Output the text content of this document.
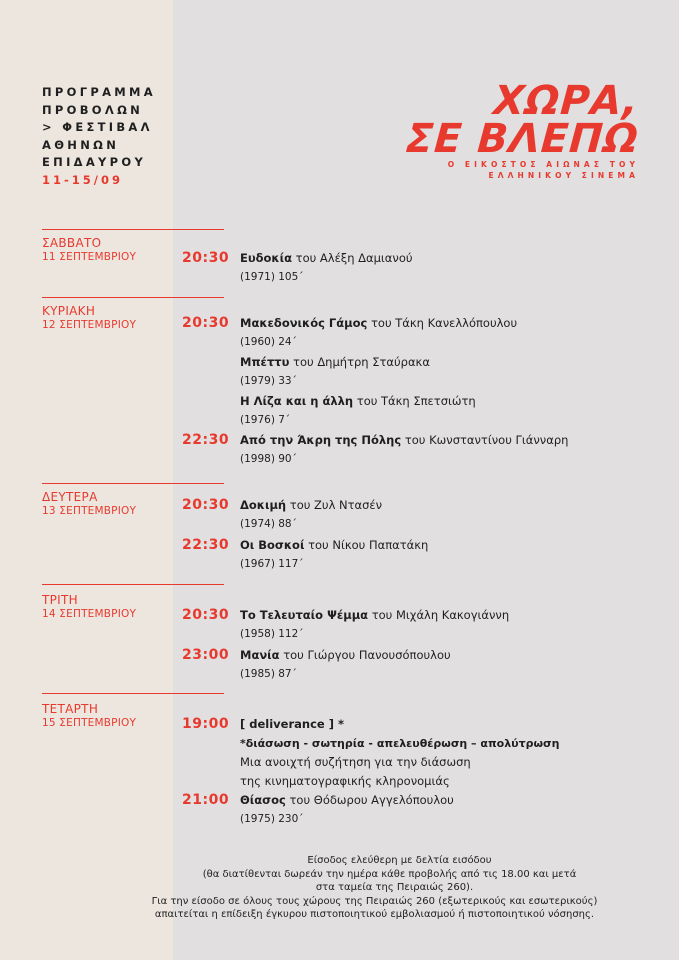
ΠΡΟΓΡΑΜΜΑ
ΠΡΟΒΟΛΩΝ
> ΦΕΣΤΙΒΑΛ
ΑΘΗΝΩΝ
ΕΠΙΔΑΥΡΟΥ
11-15/09
ΧΩΡΑ,
ΣΕ ΒΛΕΠΩ
Ο ΕΙΚΟΣΤΟΣ ΑΙΩΝΑΣ ΤΟΥ
ΕΛΛΗΝΙΚΟΥ ΣΙΝΕΜΑ
ΣΑΒΒΑΤΟ
11 ΣΕΠΤΕΜΒΡΙΟΥ	20:30 Ευδοκία του Αλέξη Δαμιανού
(1971) 105΄
ΚΥΡΙΑΚΗ
12 ΣΕΠΤΕΜΒΡΙΟΥ	20:30 Μακεδονικός Γάμος του Τάκη Κανελλόπουλου
(1960) 24΄
Μπέττυ του Δημήτρη Σταύρακα
(1979) 33΄
Η Λίζα και η άλλη του Τάκη Σπετσιώτη
(1976) 7΄
22:30 Από την Άκρη της Πόλης του Κωνσταντίνου Γιάνναρη
(1998) 90΄
ΔΕΥΤΕΡΑ
13 ΣΕΠΤΕΜΒΡΙΟΥ	20:30 Δοκιμή του Ζυλ Ντασέν
(1974) 88΄
22:30 Οι Βοσκοί του Νίκου Παπατάκη
(1967) 117΄
ΤΡΙΤΗ
14 ΣΕΠΤΕΜΒΡΙΟΥ	20:30 Το Τελευταίο Ψέμμα του Μιχάλη Κακογιάννη
(1958) 112΄
23:00 Μανία του Γιώργου Πανουσόπουλου
(1985) 87΄
ΤΕΤΑΡΤΗ
15 ΣΕΠΤΕΜΒΡΙΟΥ	19:00 [ deliverance ] *
*διάσωση - σωτηρία - απελευθέρωση – απολύτρωση
Μια ανοιχτή συζήτηση για την διάσωση
της κινηματογραφικής κληρονομιάς
21:00 Θίασος του Θόδωρου Αγγελόπουλου
(1975) 230΄
Είσοδος ελεύθερη με δελτία εισόδου
(θα διατίθενται δωρεάν την ημέρα κάθε προβολής από τις 18.00 και μετά
στα ταμεία της Πειραιώς 260).
Για την είσοδο σε όλους τους χώρους της Πειραιώς 260 (εξωτερικούς και εσωτερικούς)
απαιτείται η επίδειξη έγκυρου πιστοποιητικού εμβολιασμού ή πιστοποιητικού νόσησης.
